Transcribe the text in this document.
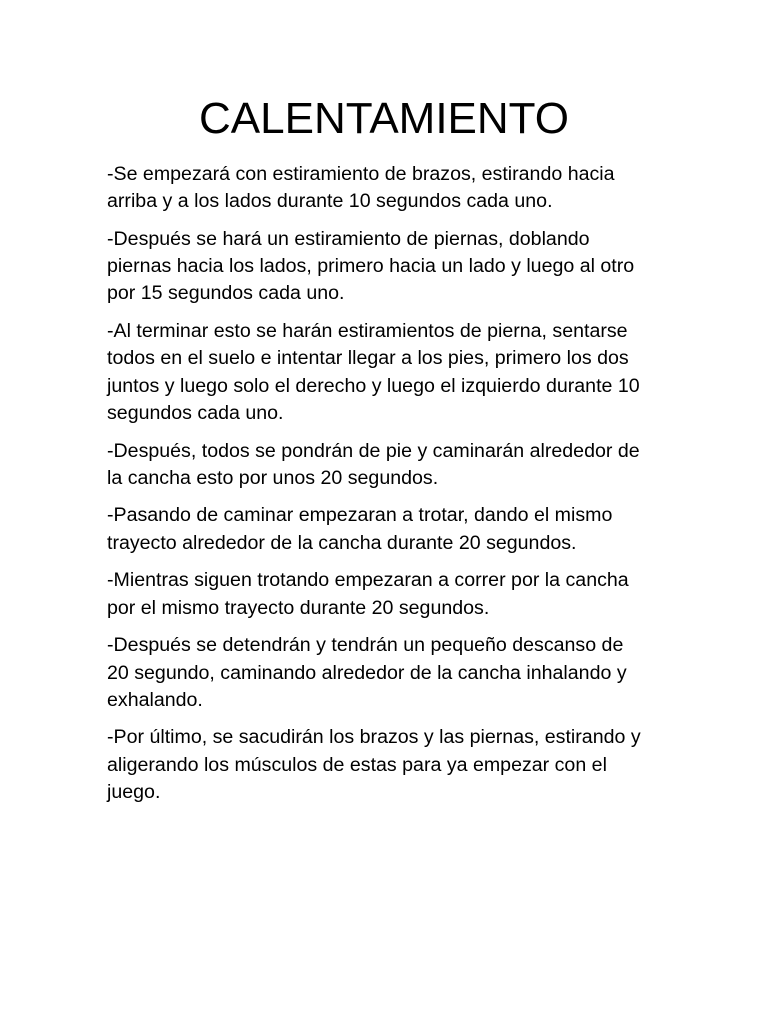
CALENTAMIENTO

-Se empezará con estiramiento de brazos, estirando hacia
arriba y a los lados durante 10 segundos cada uno.

-Después se hará un estiramiento de piernas, doblando
piernas hacia los lados, primero hacia un lado y luego al otro
por 15 segundos cada uno.

-Al terminar esto se harán estiramientos de pierna, sentarse
todos en el suelo e intentar llegar a los pies, primero los dos
juntos y luego solo el derecho y luego el izquierdo durante 10
segundos cada uno.

-Después, todos se pondrán de pie y caminarán alrededor de
la cancha esto por unos 20 segundos.

-Pasando de caminar empezaran a trotar, dando el mismo
trayecto alrededor de la cancha durante 20 segundos.

-Mientras siguen trotando empezaran a correr por la cancha
por el mismo trayecto durante 20 segundos.

-Después se detendrán y tendrán un pequeño descanso de
20 segundo, caminando alrededor de la cancha inhalando y
exhalando.

-Por último, se sacudirán los brazos y las piernas, estirando y
aligerando los músculos de estas para ya empezar con el
juego.
